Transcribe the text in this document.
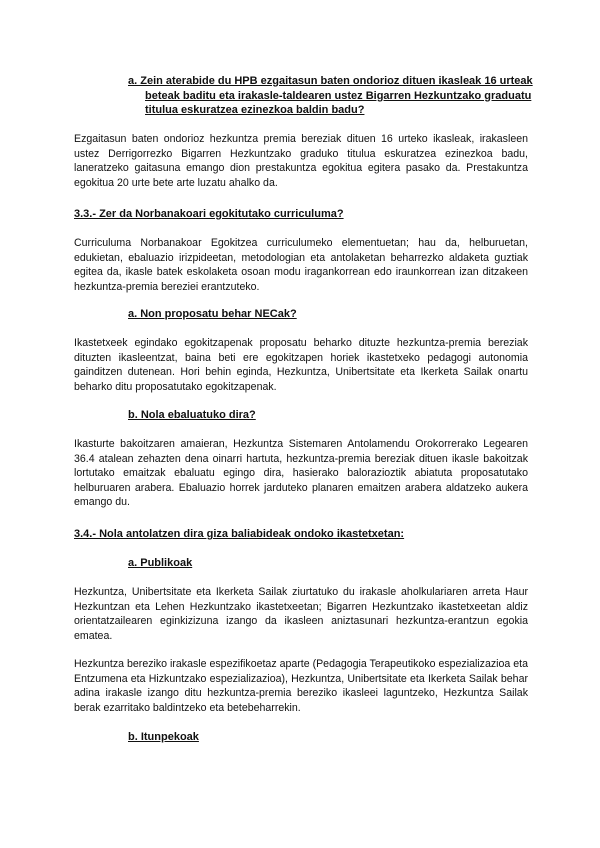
a. Zein aterabide du HPB ezgaitasun baten ondorioz dituen ikasleak 16 urteak

beteak baditu eta irakasle-taldearen ustez Bigarren Hezkuntzako graduatu titulua eskuratzea ezinezkoa baldin badu?

Ezgaitasun baten ondorioz hezkuntza premia bereziak dituen 16 urteko ikasleak, irakasleen ustez Derrigorrezko Bigarren Hezkuntzako graduko titulua eskuratzea ezinezkoa badu, laneratzeko gaitasuna emango dion prestakuntza egokitua egitera pasako da. Prestakuntza egokitua 20 urte bete arte luzatu ahalko da.

3.3.- Zer da Norbanakoari egokitutako curriculuma?

Curriculuma Norbanakoar Egokitzea curriculumeko elementuetan; hau da, helburuetan, edukietan, ebaluazio irizpideetan, metodologian eta antolaketan beharrezko aldaketa guztiak egitea da, ikasle batek eskolaketa osoan modu iragankorrean edo iraunkorrean izan ditzakeen hezkuntza-premia bereziei erantzuteko.

a. Non proposatu behar NECak?

Ikastetxeek egindako egokitzapenak proposatu beharko dituzte hezkuntza-premia bereziak dituzten ikasleentzat, baina beti ere egokitzapen horiek ikastetxeko pedagogi autonomia gainditzen dutenean. Hori behin eginda, Hezkuntza, Unibertsitate eta Ikerketa Sailak onartu beharko ditu proposatutako egokitzapenak.

b. Nola ebaluatuko dira?

Ikasturte bakoitzaren amaieran, Hezkuntza Sistemaren Antolamendu Orokorrerako Legearen 36.4 atalean zehazten dena oinarri hartuta, hezkuntza-premia bereziak dituen ikasle bakoitzak lortutako emaitzak ebaluatu egingo dira, hasierako balorazioztik abiatuta proposatutako helburuaren arabera. Ebaluazio horrek jarduteko planaren emaitzen arabera aldatzeko aukera emango du.

3.4.- Nola antolatzen dira giza baliabideak ondoko ikastetxetan:

a. Publikoak

Hezkuntza, Unibertsitate eta Ikerketa Sailak ziurtatuko du irakasle aholkulariaren arreta Haur Hezkuntzan eta Lehen Hezkuntzako ikastetxeetan; Bigarren Hezkuntzako ikastetxeetan aldiz orientatzailearen eginkizizuna izango da ikasleen aniztasunari hezkuntza-erantzun egokia ematea.

Hezkuntza bereziko irakasle espezifikoetaz aparte (Pedagogia Terapeutikoko espezializazioa eta Entzumena eta Hizkuntzako espezializazioa), Hezkuntza, Unibertsitate eta Ikerketa Sailak behar adina irakasle izango ditu hezkuntza-premia bereziko ikasleei laguntzeko, Hezkuntza Sailak berak ezarritako baldintzeko eta betebeharrekin.

b. Itunpekoak
